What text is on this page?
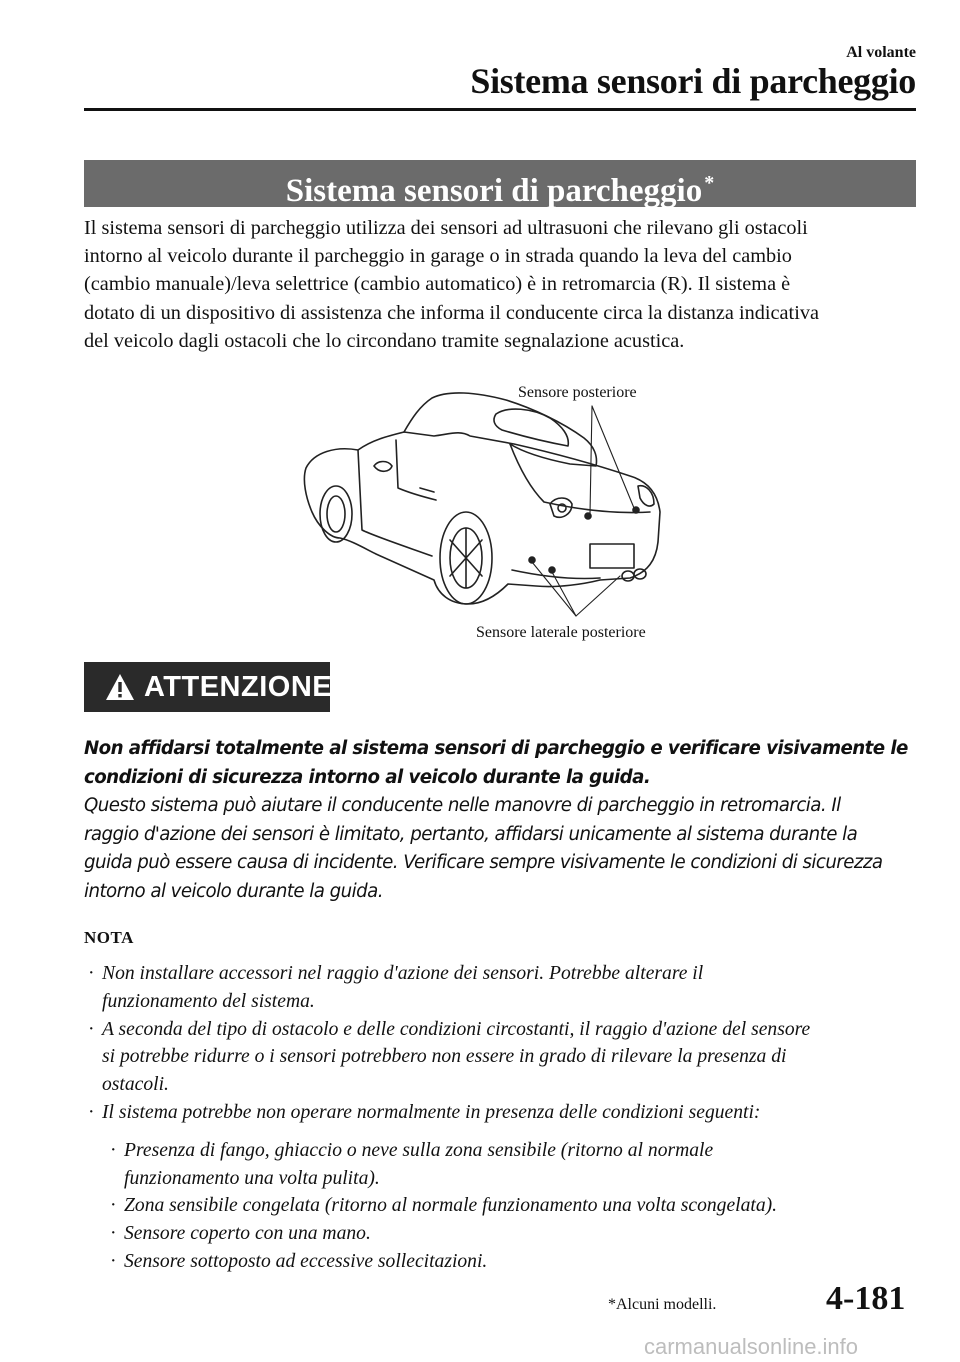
Al volante
Sistema sensori di parcheggio
Sistema sensori di parcheggio *

Il sistema sensori di parcheggio utilizza dei sensori ad ultrasuoni che rilevano gli ostacoli
intorno al veicolo durante il parcheggio in garage o in strada quando la leva del cambio
(cambio manuale)/leva selettrice (cambio automatico) è in retromarcia (R). Il sistema è
dotato di un dispositivo di assistenza che informa il conducente circa la distanza indicativa
del veicolo dagli ostacoli che lo circondano tramite segnalazione acustica.

Sensore posteriore
Sensore laterale posteriore
ATTENZIONE

Non affidarsi totalmente al sistema sensori di parcheggio e verificare visivamente le

condizioni di sicurezza intorno al veicolo durante la guida.

Questo sistema può aiutare il conducente nelle manovre di parcheggio in retromarcia. Il

raggio d'azione dei sensori è limitato, pertanto, affidarsi unicamente al sistema durante la

guida può essere causa di incidente. Verificare sempre visivamente le condizioni di sicurezza

intorno al veicolo durante la guida.

NOTA
· Non installare accessori nel raggio d'azione dei sensori. Potrebbe alterare il
funzionamento del sistema.
· A seconda del tipo di ostacolo e delle condizioni circostanti, il raggio d'azione del sensore
si potrebbe ridurre o i sensori potrebbero non essere in grado di rilevare la presenza di
ostacoli.
· Il sistema potrebbe non operare normalmente in presenza delle condizioni seguenti:
· Presenza di fango, ghiaccio o neve sulla zona sensibile (ritorno al normale
funzionamento una volta pulita).
· Zona sensibile congelata (ritorno al normale funzionamento una volta scongelata).
· Sensore coperto con una mano.
· Sensore sottoposto ad eccessive sollecitazioni.
*Alcuni modelli.	4-181
carmanualsonline.info
